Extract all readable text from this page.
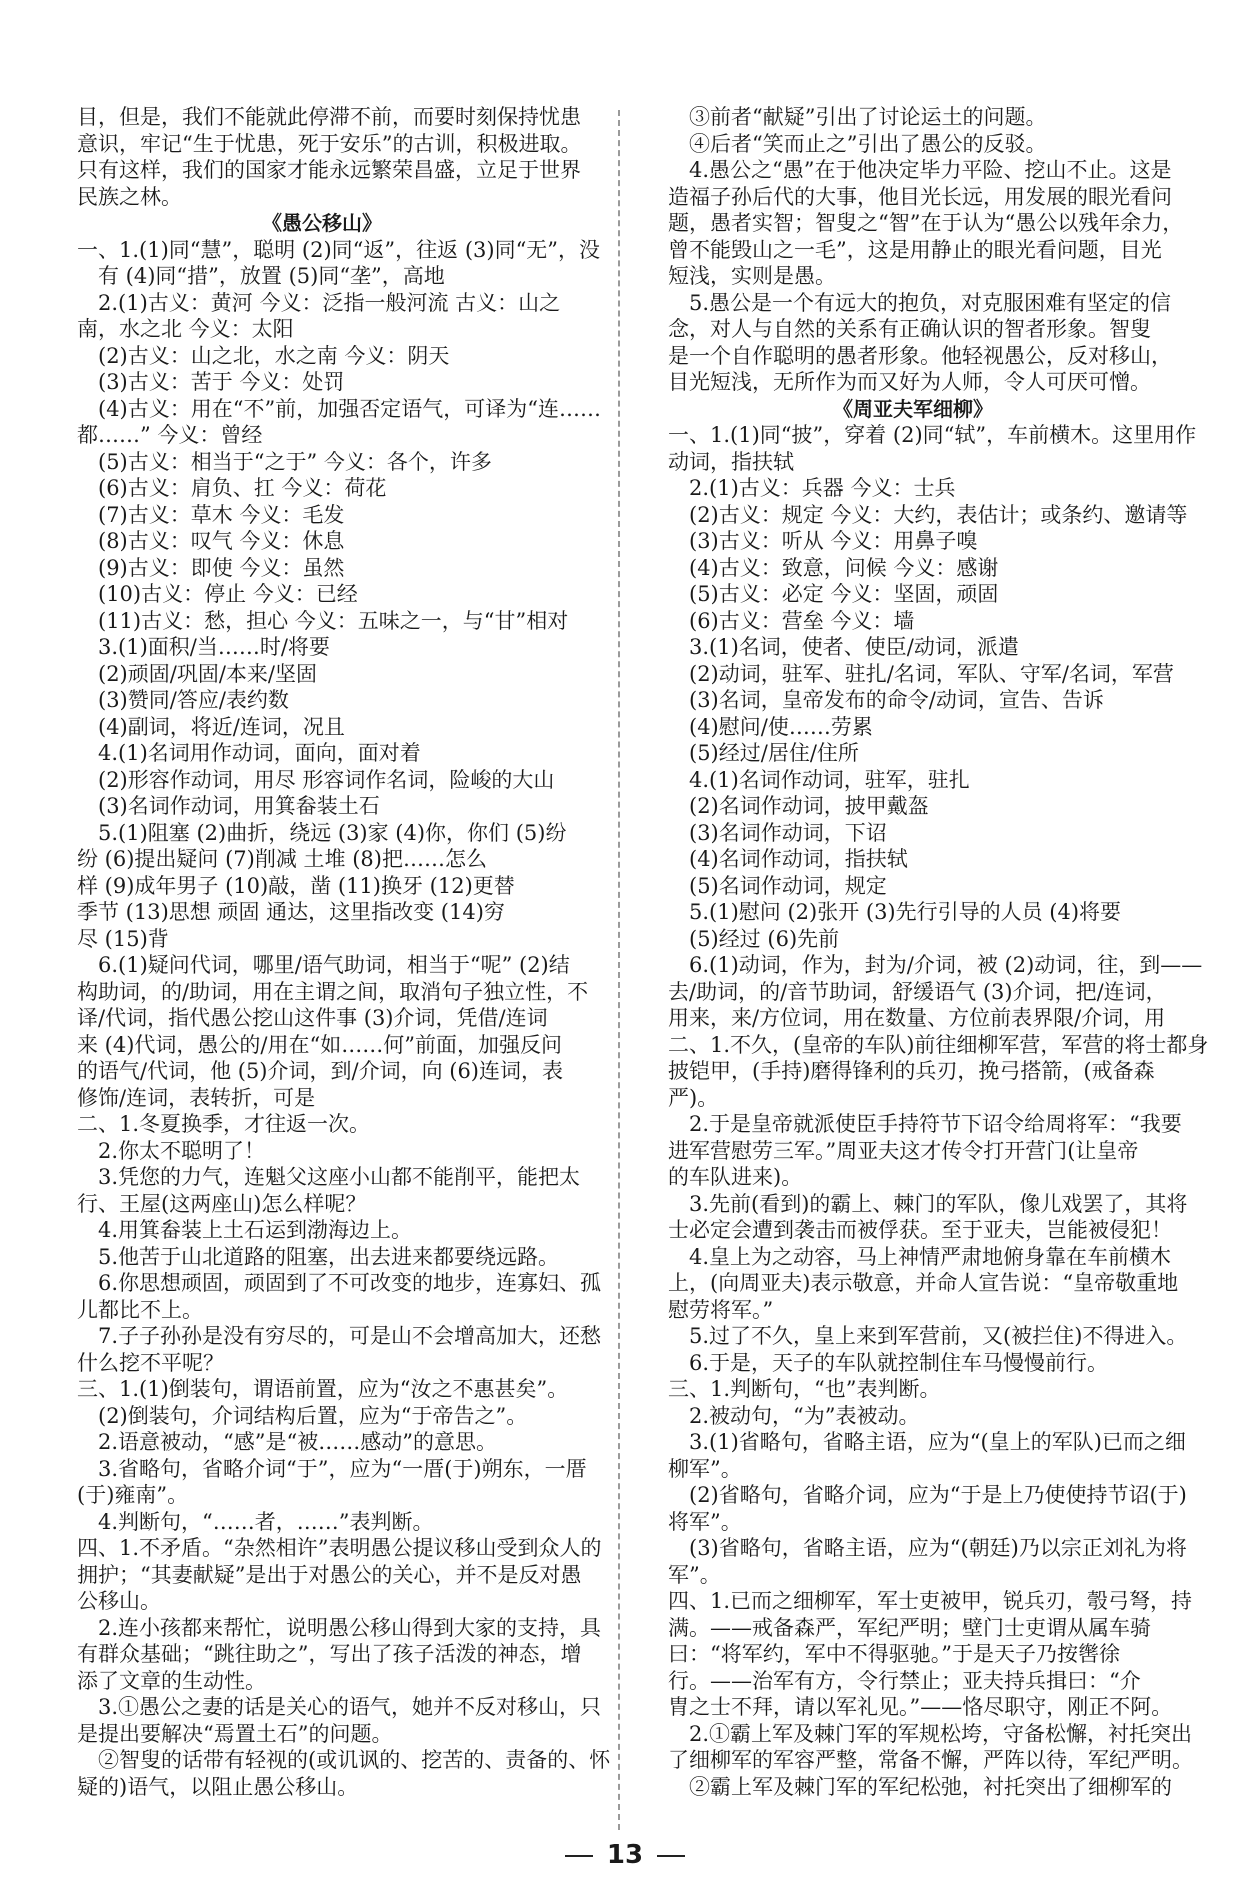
目，但是，我们不能就此停滞不前，而要时刻保持忧患
意识，牢记“生于忧患，死于安乐”的古训，积极进取。
只有这样，我们的国家才能永远繁荣昌盛，立足于世界
民族之林。
《愚公移山》
一、1.(1)同“慧”，聪明 (2)同“返”，往返 (3)同“无”，没
　有 (4)同“措”，放置 (5)同“垄”，高地
　2.(1)古义：黄河 今义：泛指一般河流 古义：山之
南，水之北 今义：太阳
　(2)古义：山之北，水之南 今义：阴天
　(3)古义：苦于 今义：处罚
　(4)古义：用在“不”前，加强否定语气，可译为“连……
都……” 今义：曾经
　(5)古义：相当于“之于” 今义：各个，许多
　(6)古义：肩负、扛 今义：荷花
　(7)古义：草木 今义：毛发
　(8)古义：叹气 今义：休息
　(9)古义：即使 今义：虽然
　(10)古义：停止 今义：已经
　(11)古义：愁，担心 今义：五味之一，与“甘”相对
　3.(1)面积/当……时/将要
　(2)顽固/巩固/本来/坚固
　(3)赞同/答应/表约数
　(4)副词，将近/连词，况且
　4.(1)名词用作动词，面向，面对着
　(2)形容作动词，用尽 形容词作名词，险峻的大山
　(3)名词作动词，用箕畚装土石
　5.(1)阻塞 (2)曲折，绕远 (3)家 (4)你，你们 (5)纷
纷 (6)提出疑问 (7)削减 土堆 (8)把……怎么
样 (9)成年男子 (10)敲，凿 (11)换牙 (12)更替
季节 (13)思想 顽固 通达，这里指改变 (14)穷
尽 (15)背
　6.(1)疑问代词，哪里/语气助词，相当于“呢” (2)结
构助词，的/助词，用在主谓之间，取消句子独立性，不
译/代词，指代愚公挖山这件事 (3)介词，凭借/连词
来 (4)代词，愚公的/用在“如……何”前面，加强反问
的语气/代词，他 (5)介词，到/介词，向 (6)连词，表
修饰/连词，表转折，可是
二、1.冬夏换季，才往返一次。
　2.你太不聪明了！
　3.凭您的力气，连魁父这座小山都不能削平，能把太
行、王屋(这两座山)怎么样呢？
　4.用箕畚装上土石运到渤海边上。
　5.他苦于山北道路的阻塞，出去进来都要绕远路。
　6.你思想顽固，顽固到了不可改变的地步，连寡妇、孤
儿都比不上。
　7.子子孙孙是没有穷尽的，可是山不会增高加大，还愁
什么挖不平呢？
三、1.(1)倒装句，谓语前置，应为“汝之不惠甚矣”。
　(2)倒装句，介词结构后置，应为“于帝告之”。
　2.语意被动，“感”是“被……感动”的意思。
　3.省略句，省略介词“于”，应为“一厝(于)朔东，一厝
(于)雍南”。
　4.判断句，“……者，……”表判断。
四、1.不矛盾。“杂然相许”表明愚公提议移山受到众人的
拥护；“其妻献疑”是出于对愚公的关心，并不是反对愚
公移山。
　2.连小孩都来帮忙，说明愚公移山得到大家的支持，具
有群众基础；“跳往助之”，写出了孩子活泼的神态，增
添了文章的生动性。
　3.①愚公之妻的话是关心的语气，她并不反对移山，只
是提出要解决“焉置土石”的问题。
　②智叟的话带有轻视的(或讥讽的、挖苦的、责备的、怀
疑的)语气，以阻止愚公移山。
　③前者“献疑”引出了讨论运土的问题。
　④后者“笑而止之”引出了愚公的反驳。
　4.愚公之“愚”在于他决定毕力平险、挖山不止。这是
造福子孙后代的大事，他目光长远，用发展的眼光看问
题，愚者实智；智叟之“智”在于认为“愚公以残年余力，
曾不能毁山之一毛”，这是用静止的眼光看问题，目光
短浅，实则是愚。
　5.愚公是一个有远大的抱负，对克服困难有坚定的信
念，对人与自然的关系有正确认识的智者形象。智叟
是一个自作聪明的愚者形象。他轻视愚公，反对移山，
目光短浅，无所作为而又好为人师，令人可厌可憎。
《周亚夫军细柳》
一、1.(1)同“披”，穿着 (2)同“轼”，车前横木。这里用作
动词，指扶轼
　2.(1)古义：兵器 今义：士兵
　(2)古义：规定 今义：大约，表估计；或条约、邀请等
　(3)古义：听从 今义：用鼻子嗅
　(4)古义：致意，问候 今义：感谢
　(5)古义：必定 今义：坚固，顽固
　(6)古义：营垒 今义：墙
　3.(1)名词，使者、使臣/动词，派遣
　(2)动词，驻军、驻扎/名词，军队、守军/名词，军营
　(3)名词，皇帝发布的命令/动词，宣告、告诉
　(4)慰问/使……劳累
　(5)经过/居住/住所
　4.(1)名词作动词，驻军，驻扎
　(2)名词作动词，披甲戴盔
　(3)名词作动词，下诏
　(4)名词作动词，指扶轼
　(5)名词作动词，规定
　5.(1)慰问 (2)张开 (3)先行引导的人员 (4)将要
　(5)经过 (6)先前
　6.(1)动词，作为，封为/介词，被 (2)动词，往，到——
去/助词，的/音节助词，舒缓语气 (3)介词，把/连词，
用来，来/方位词，用在数量、方位前表界限/介词，用
二、1.不久，(皇帝的车队)前往细柳军营，军营的将士都身
披铠甲，(手持)磨得锋利的兵刃，挽弓搭箭，(戒备森
严)。
　2.于是皇帝就派使臣手持符节下诏令给周将军：“我要
进军营慰劳三军。”周亚夫这才传令打开营门(让皇帝
的车队进来)。
　3.先前(看到)的霸上、棘门的军队，像儿戏罢了，其将
士必定会遭到袭击而被俘获。至于亚夫，岂能被侵犯！
　4.皇上为之动容，马上神情严肃地俯身靠在车前横木
上，(向周亚夫)表示敬意，并命人宣告说：“皇帝敬重地
慰劳将军。”
　5.过了不久，皇上来到军营前，又(被拦住)不得进入。
　6.于是，天子的车队就控制住车马慢慢前行。
三、1.判断句，“也”表判断。
　2.被动句，“为”表被动。
　3.(1)省略句，省略主语，应为“(皇上的军队)已而之细
柳军”。
　(2)省略句，省略介词，应为“于是上乃使使持节诏(于)
将军”。
　(3)省略句，省略主语，应为“(朝廷)乃以宗正刘礼为将
军”。
四、1.已而之细柳军，军士吏被甲，锐兵刃，彀弓弩，持
满。——戒备森严，军纪严明；壁门士吏谓从属车骑
曰：“将军约，军中不得驱驰。”于是天子乃按辔徐
行。——治军有方，令行禁止；亚夫持兵揖曰：“介
胄之士不拜，请以军礼见。”——恪尽职守，刚正不阿。
　2.①霸上军及棘门军的军规松垮，守备松懈，衬托突出
了细柳军的军容严整，常备不懈，严阵以待，军纪严明。
　②霸上军及棘门军的军纪松弛，衬托突出了细柳军的
13
